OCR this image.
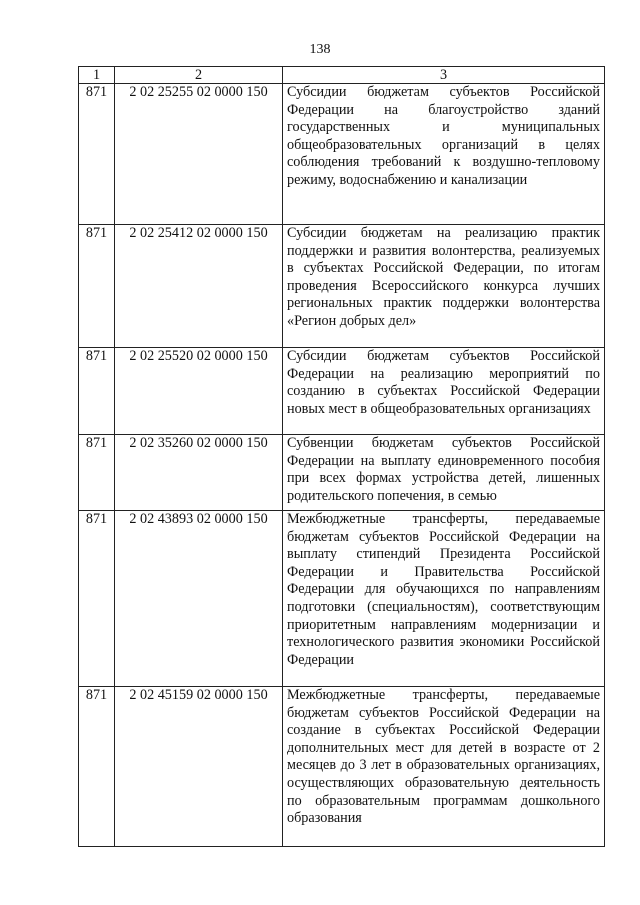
138
1	2	3
871	2 02 25255 02 0000 150	Субсидии бюджетам субъектов Российской Федерации на благоустройство зданий государственных и муниципальных общеобразовательных организаций в целях соблюдения требований к воздушно-тепловому режиму, водоснабжению и канализации
871	2 02 25412 02 0000 150	Субсидии бюджетам на реализацию практик поддержки и развития волонтерства, реализуемых в субъектах Российской Федерации, по итогам проведения Всероссийского конкурса лучших региональных практик поддержки волонтерства «Регион добрых дел»
871	2 02 25520 02 0000 150	Субсидии бюджетам субъектов Российской Федерации на реализацию мероприятий по созданию в субъектах Российской Федерации новых мест в общеобразовательных организациях
871	2 02 35260 02 0000 150	Субвенции бюджетам субъектов Российской Федерации на выплату единовременного пособия при всех формах устройства детей, лишенных родительского попечения, в семью
871	2 02 43893 02 0000 150	Межбюджетные трансферты, передаваемые бюджетам субъектов Российской Федерации на выплату стипендий Президента Российской Федерации и Правительства Российской Федерации для обучающихся по направлениям подготовки (специальностям), соответствующим приоритетным направлениям модернизации и технологического развития экономики Российской Федерации
871	2 02 45159 02 0000 150	Межбюджетные трансферты, передаваемые бюджетам субъектов Российской Федерации на создание в субъектах Российской Федерации дополнительных мест для детей в возрасте от 2 месяцев до 3 лет в образовательных организациях, осуществляющих образовательную деятельность по образовательным программам дошкольного образования
